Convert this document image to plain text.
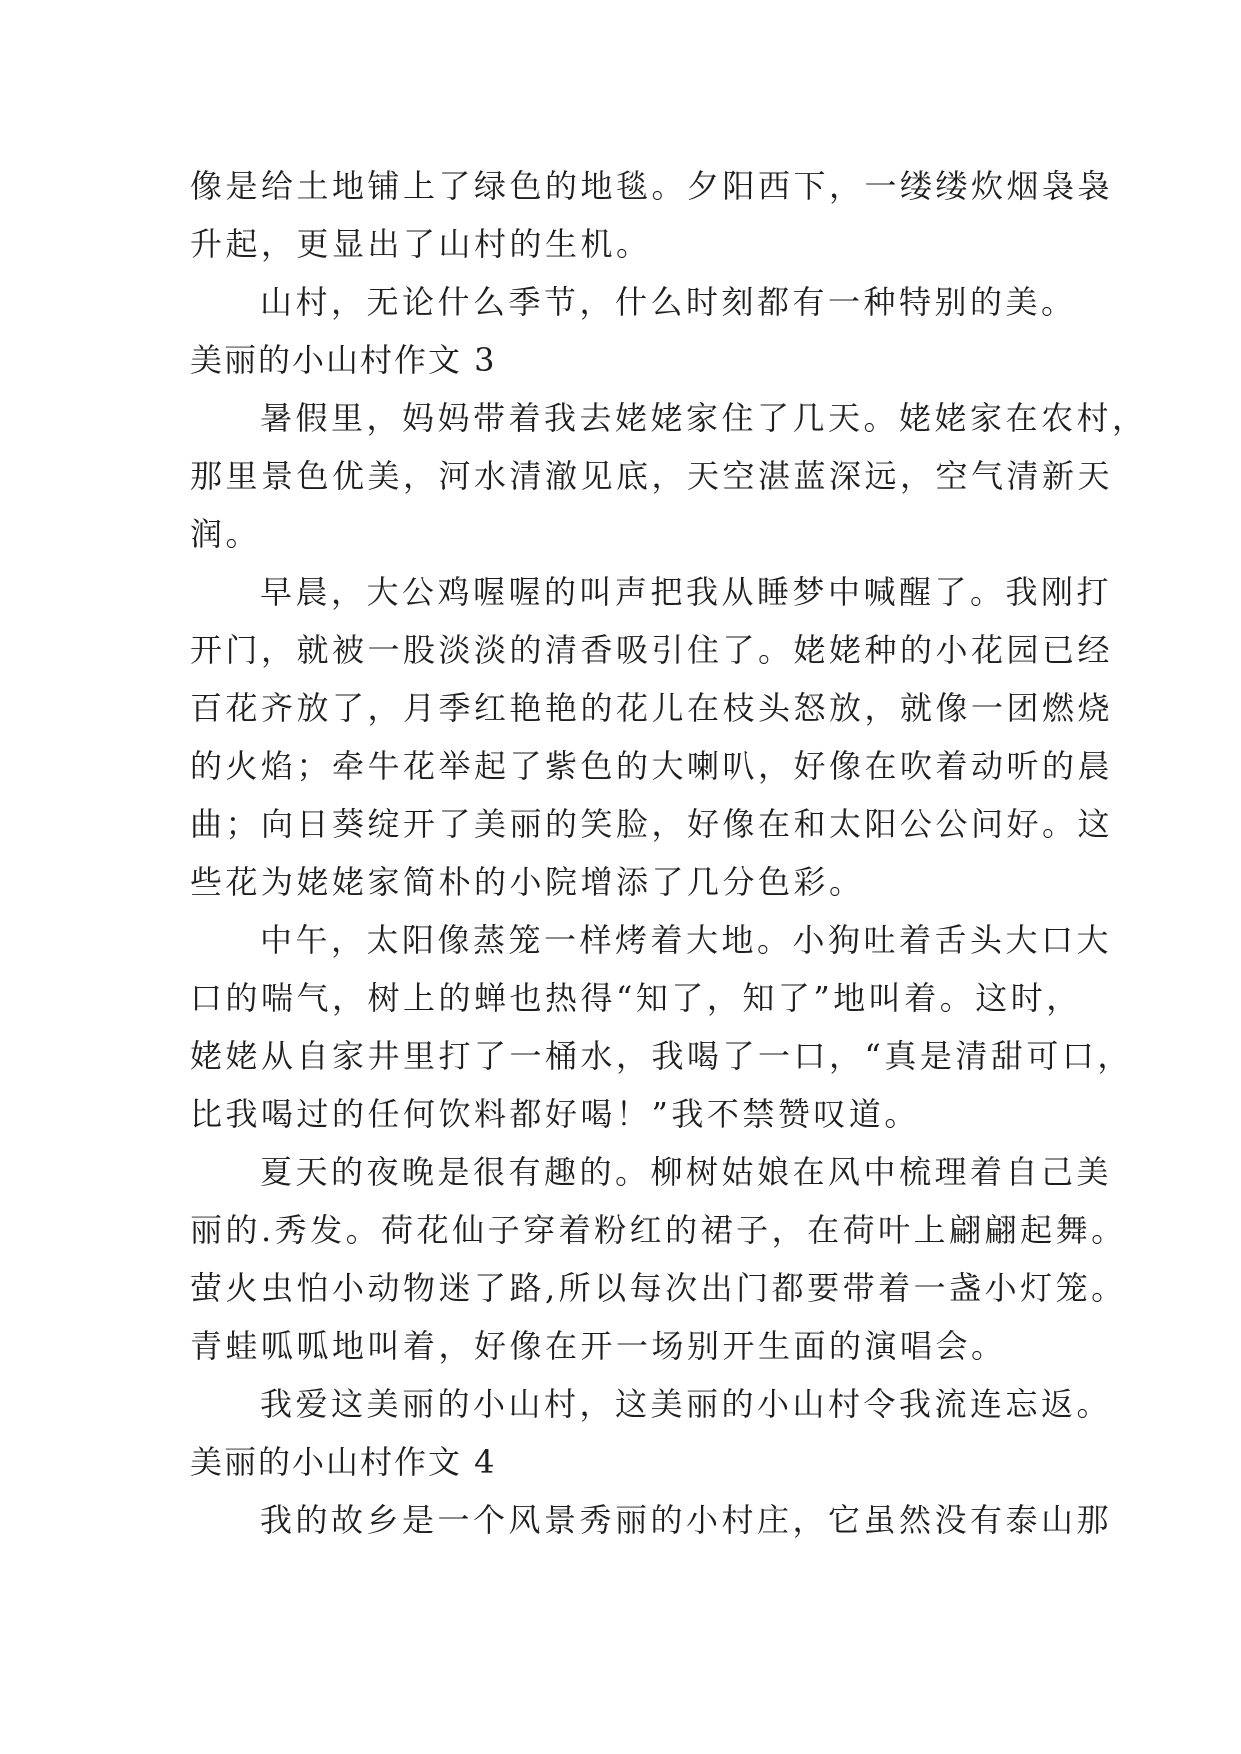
像是给土地铺上了绿色的地毯。夕阳西下，一缕缕炊烟袅袅
升起，更显出了山村的生机。
山村，无论什么季节，什么时刻都有一种特别的美。
美丽的小山村作文 3
暑假里，妈妈带着我去姥姥家住了几天。姥姥家在农村，
那里景色优美，河水清澈见底，天空湛蓝深远，空气清新天
润。
早晨，大公鸡喔喔的叫声把我从睡梦中喊醒了。我刚打
开门，就被一股淡淡的清香吸引住了。姥姥种的小花园已经
百花齐放了，月季红艳艳的花儿在枝头怒放，就像一团燃烧
的火焰；牵牛花举起了紫色的大喇叭，好像在吹着动听的晨
曲；向日葵绽开了美丽的笑脸，好像在和太阳公公问好。这
些花为姥姥家简朴的小院增添了几分色彩。
中午，太阳像蒸笼一样烤着大地。小狗吐着舌头大口大
口的喘气，树上的蝉也热得“知了，知了”地叫着。这时，
姥姥从自家井里打了一桶水，我喝了一口，“真是清甜可口，
比我喝过的任何饮料都好喝！”我不禁赞叹道。
夏天的夜晚是很有趣的。柳树姑娘在风中梳理着自己美
丽的.秀发。荷花仙子穿着粉红的裙子，在荷叶上翩翩起舞。
萤火虫怕小动物迷了路,所以每次出门都要带着一盏小灯笼。
青蛙呱呱地叫着，好像在开一场别开生面的演唱会。
我爱这美丽的小山村，这美丽的小山村令我流连忘返。
美丽的小山村作文 4
我的故乡是一个风景秀丽的小村庄，它虽然没有泰山那
